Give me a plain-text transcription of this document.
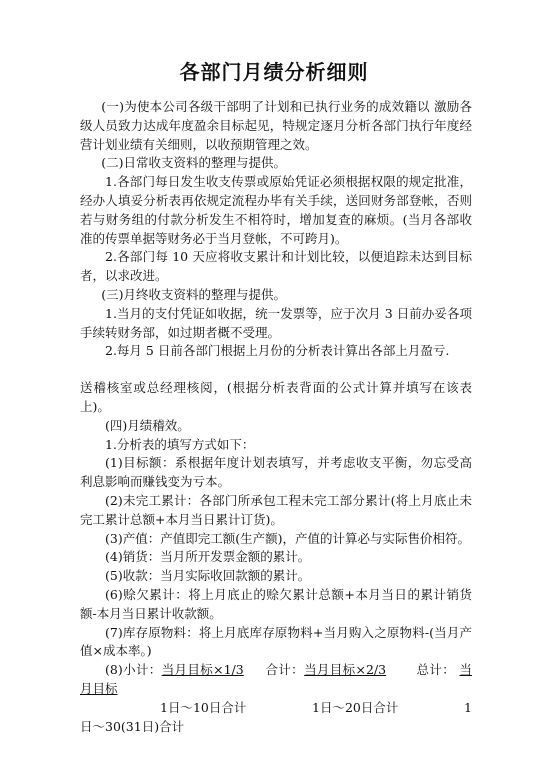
各部门月绩分析细则

(一)为使本公司各级干部明了计划和已执行业务的成效籍以 激励各级人员致力达成年度盈余目标起见，特规定逐月分析各部门执行年度经营计划业绩有关细则，以收预期管理之效。

(二)日常收支资料的整理与提供。

1.各部门每日发生收支传票或原始凭证必须根据权限的规定批准，经办人填妥分析表再依规定流程办毕有关手续，送回财务部登帐，否则若与财务组的付款分析发生不相符时，增加复查的麻烦。(当月各部收准的传票单据等财务必于当月登帐，不可跨月)。

2.各部门每 10 天应将收支累计和计划比较，以便追踪未达到目标者，以求改进。

(三)月终收支资料的整理与提供。

1.当月的支付凭证如收据，统一发票等，应于次月 3 日前办妥各项手续转财务部，如过期者概不受理。

2.每月 5 日前各部门根据上月份的分析表计算出各部上月盈亏.

送稽核室或总经理核阅，(根据分析表背面的公式计算并填写在该表上)。

(四)月绩稽效。

1.分析表的填写方式如下：

(1)目标额：系根据年度计划表填写，并考虑收支平衡，勿忘受高利息影响而赚钱变为亏本。

(2)未完工累计：各部门所承包工程未完工部分累计(将上月底止未完工累计总额+本月当日累计订货)。

(3)产值：产值即完工额(生产额)，产值的计算必与实际售价相符。

(4)销货：当月所开发票金额的累计。

(5)收款：当月实际收回款额的累计。

(6)赊欠累计：将上月底止的赊欠累计总额+本月当日的累计销货额-本月当日累计收款额。

(7)库存原物料：将上月底库存原物料+当月购入之原物料-(当月产值×成本率。)

(8)小计：当月目标×1/3 合计：当月目标×2/3 总计： 当月目标

1日～10日合计	1日～20日合计	1

日～30(31日)合计
